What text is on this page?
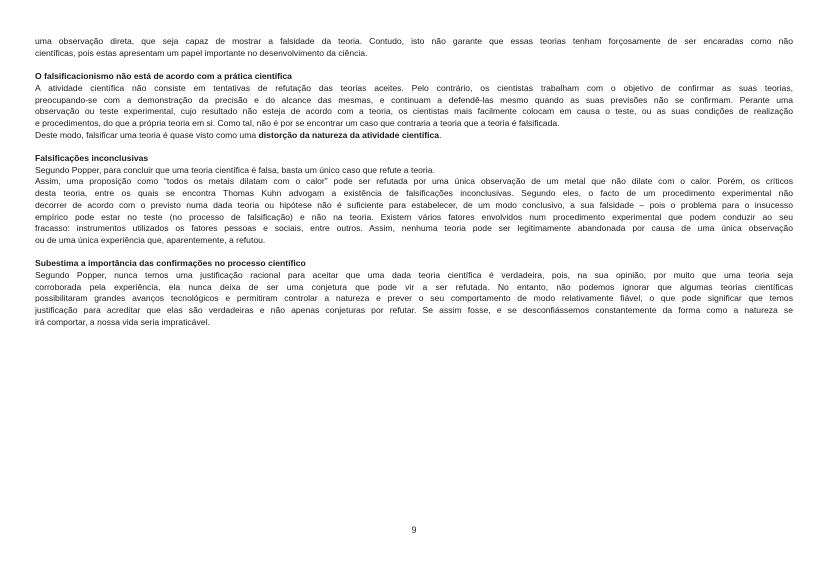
uma observação direta, que seja capaz de mostrar a falsidade da teoria. Contudo, isto não garante que essas teorias tenham forçosamente de ser encaradas como não
científicas, pois estas apresentam um papel importante no desenvolvimento da ciência.

O falsificacionismo não está de acordo com a prática científica

A atividade científica não consiste em tentativas de refutação das teorias aceites. Pelo contrário, os cientistas trabalham com o objetivo de confirmar as suas teorias,
preocupando-se com a demonstração da precisão e do alcance das mesmas, e continuam a defendê-las mesmo quando as suas previsões não se confirmam. Perante uma
observação ou teste experimental, cujo resultado não esteja de acordo com a teoria, os cientistas mais facilmente colocam em causa o teste, ou as suas condições de realização
e procedimentos, do que a própria teoria em si. Como tal, não é por se encontrar um caso que contraria a teoria que a teoria é falsificada.
Deste modo, falsificar uma teoria é quase visto como uma distorção da natureza da atividade científica.

Falsificações inconclusivas

Segundo Popper, para concluir que uma teoria científica é falsa, basta um único caso que refute a teoria.
Assim, uma proposição como “todos os metais dilatam com o calor” pode ser refutada por uma única observação de um metal que não dilate com o calor. Porém, os críticos
desta teoria, entre os quais se encontra Thomas Kuhn advogam a existência de falsificações inconclusivas. Segundo eles, o facto de um procedimento experimental não
decorrer de acordo com o previsto numa dada teoria ou hipótese não é suficiente para estabelecer, de um modo conclusivo, a sua falsidade – pois o problema para o insucesso
empírico pode estar no teste (no processo de falsificação) e não na teoria. Existem vários fatores envolvidos num procedimento experimental que podem conduzir ao seu
fracasso: instrumentos utilizados os fatores pessoas e sociais, entre outros. Assim, nenhuma teoria pode ser legitimamente abandonada por causa de uma única observação
ou de uma única experiência que, aparentemente, a refutou.

Subestima a importância das confirmações no processo científico

Segundo Popper, nunca temos uma justificação racional para aceitar que uma dada teoria científica é verdadeira, pois, na sua opinião, por muito que uma teoria seja
corroborada pela experiência, ela nunca deixa de ser uma conjetura que pode vir a ser refutada. No entanto, não podemos ignorar que algumas teorias científicas
possibilitaram grandes avanços tecnológicos e permitiram controlar a natureza e prever o seu comportamento de modo relativamente fiável, o que pode significar que temos
justificação para acreditar que elas são verdadeiras e não apenas conjeturas por refutar. Se assim fosse, e se desconfiássemos constantemente da forma como a natureza se
irá comportar, a nossa vida seria impraticável.

9
